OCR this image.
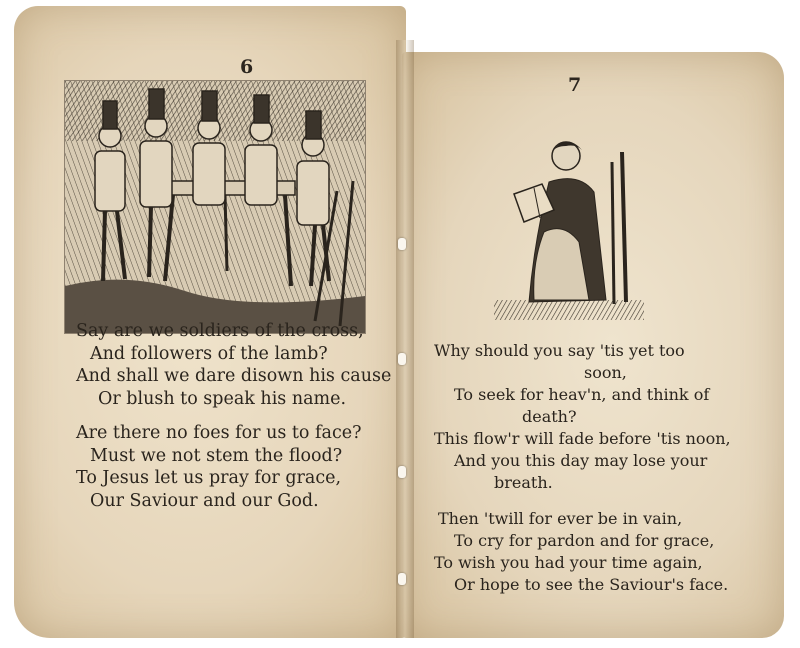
6
7
Say are we soldiers of the cross,
And followers of the lamb?
And shall we dare disown his cause
Or blush to speak his name.
Are there no foes for us to face?
Must we not stem the flood?
To Jesus let us pray for grace,
Our Saviour and our God.
Why should you say 'tis yet too
soon,
To seek for heav'n, and think of
death?
This flow'r will fade before 'tis noon,
And you this day may lose your
breath.
Then 'twill for ever be in vain,
To cry for pardon and for grace,
To wish you had your time again,
Or hope to see the Saviour's face.
